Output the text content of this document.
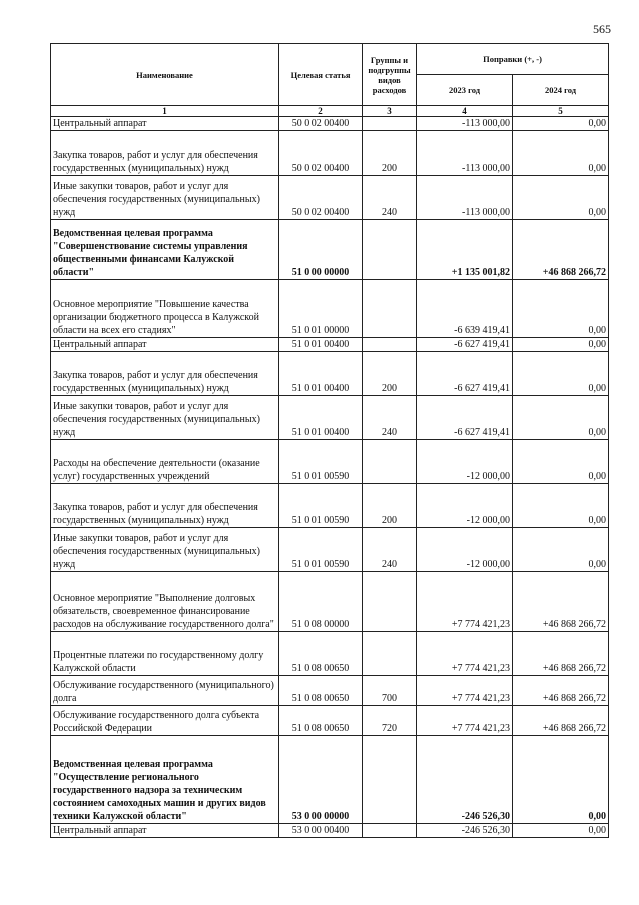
565
Наименование	Целевая статья	Группы и подгруппы видов расходов	Поправки (+, -)	
			2023 год	2024 год
1	2	3	4	5
Центральный аппарат	50 0 02 00400		-113 000,00	0,00
Закупка товаров, работ и услуг для обеспечения государственных (муниципальных) нужд	50 0 02 00400	200	-113 000,00	0,00
Иные закупки товаров, работ и услуг для обеспечения государственных (муниципальных) нужд	50 0 02 00400	240	-113 000,00	0,00
Ведомственная целевая программа "Совершенствование системы управления общественными финансами Калужской области"	51 0 00 00000		+1 135 001,82	+46 868 266,72
Основное мероприятие "Повышение качества организации бюджетного процесса в Калужской области на всех его стадиях"	51 0 01 00000		-6 639 419,41	0,00
Центральный аппарат	51 0 01 00400		-6 627 419,41	0,00
Закупка товаров, работ и услуг для обеспечения государственных (муниципальных) нужд	51 0 01 00400	200	-6 627 419,41	0,00
Иные закупки товаров, работ и услуг для обеспечения государственных (муниципальных) нужд	51 0 01 00400	240	-6 627 419,41	0,00
Расходы на обеспечение деятельности (оказание услуг) государственных учреждений	51 0 01 00590		-12 000,00	0,00
Закупка товаров, работ и услуг для обеспечения государственных (муниципальных) нужд	51 0 01 00590	200	-12 000,00	0,00
Иные закупки товаров, работ и услуг для обеспечения государственных (муниципальных) нужд	51 0 01 00590	240	-12 000,00	0,00
Основное мероприятие "Выполнение долговых обязательств, своевременное финансирование расходов на обслуживание государственного долга"	51 0 08 00000		+7 774 421,23	+46 868 266,72
Процентные платежи по государственному долгу Калужской области	51 0 08 00650		+7 774 421,23	+46 868 266,72
Обслуживание государственного (муниципального) долга	51 0 08 00650	700	+7 774 421,23	+46 868 266,72
Обслуживание государственного долга субъекта Российской Федерации	51 0 08 00650	720	+7 774 421,23	+46 868 266,72
Ведомственная целевая программа "Осуществление регионального государственного надзора за техническим состоянием самоходных машин и других видов техники Калужской области"	53 0 00 00000		-246 526,30	0,00
Центральный аппарат	53 0 00 00400		-246 526,30	0,00
